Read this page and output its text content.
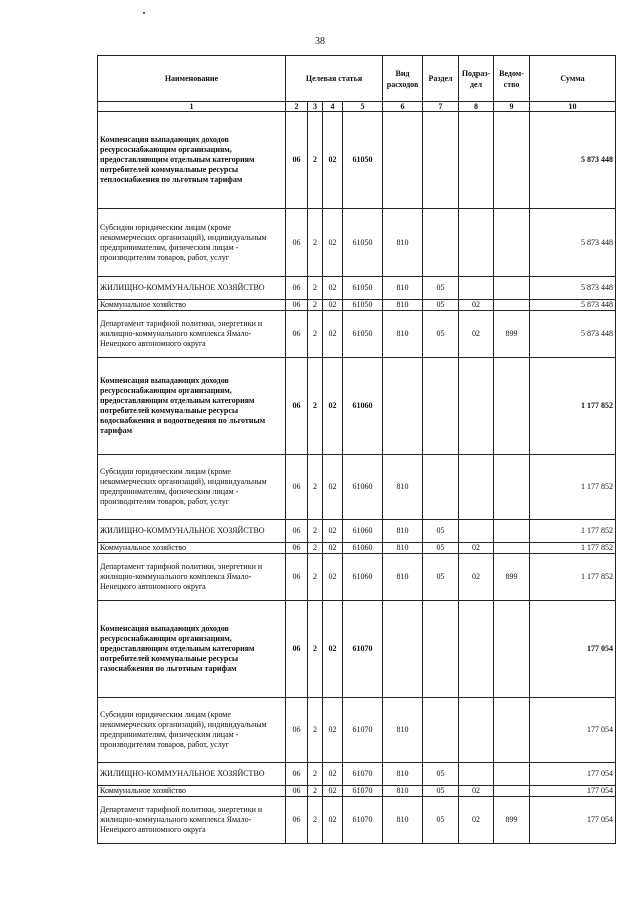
38
Наименование	Целевая статья				Вид расходов	Раздел	Подраз-дел	Ведом-ство	Сумма
1	2	3	4	5	6	7	8	9	10
Компенсация выпадающих доходов ресурсоснабжающим организациям, предоставляющим отдельным категориям потребителей коммунальные ресурсы теплоснабжения по льготным тарифам	06	2	02	61050					5 873 448
Субсидии юридическим лицам (кроме некоммерческих организаций), индивидуальным предпринимателям, физическим лицам - производителям товаров, работ, услуг	06	2	02	61050	810				5 873 448
ЖИЛИЩНО-КОММУНАЛЬНОЕ ХОЗЯЙСТВО	06	2	02	61050	810	05			5 873 448
Коммунальное хозяйство	06	2	02	61050	810	05	02		5 873 448
Департамент тарифной политики, энергетики и жилищно-коммунального комплекса Ямало-Ненецкого автономного округа	06	2	02	61050	810	05	02	899	5 873 448
Компенсация выпадающих доходов ресурсоснабжающим организациям, предоставляющим отдельным категориям потребителей коммунальные ресурсы водоснабжения и водоотведения по льготным тарифам	06	2	02	61060					1 177 852
Субсидии юридическим лицам (кроме некоммерческих организаций), индивидуальным предпринимателям, физическим лицам - производителям товаров, работ, услуг	06	2	02	61060	810				1 177 852
ЖИЛИЩНО-КОММУНАЛЬНОЕ ХОЗЯЙСТВО	06	2	02	61060	810	05			1 177 852
Коммунальное хозяйство	06	2	02	61060	810	05	02		1 177 852
Департамент тарифной политики, энергетики и жилищно-коммунального комплекса Ямало-Ненецкого автономного округа	06	2	02	61060	810	05	02	899	1 177 852
Компенсация выпадающих доходов ресурсоснабжающим организациям, предоставляющим отдельным категориям потребителей коммунальные ресурсы газоснабжения по льготным тарифам	06	2	02	61070					177 054
Субсидии юридическим лицам (кроме некоммерческих организаций), индивидуальным предпринимателям, физическим лицам - производителям товаров, работ, услуг	06	2	02	61070	810				177 054
ЖИЛИЩНО-КОММУНАЛЬНОЕ ХОЗЯЙСТВО	06	2	02	61070	810	05			177 054
Коммунальное хозяйство	06	2	02	61070	810	05	02		177 054
Департамент тарифной политики, энергетики и жилищно-коммунального комплекса Ямало-Ненецкого автономного округа	06	2	02	61070	810	05	02	899	177 054
